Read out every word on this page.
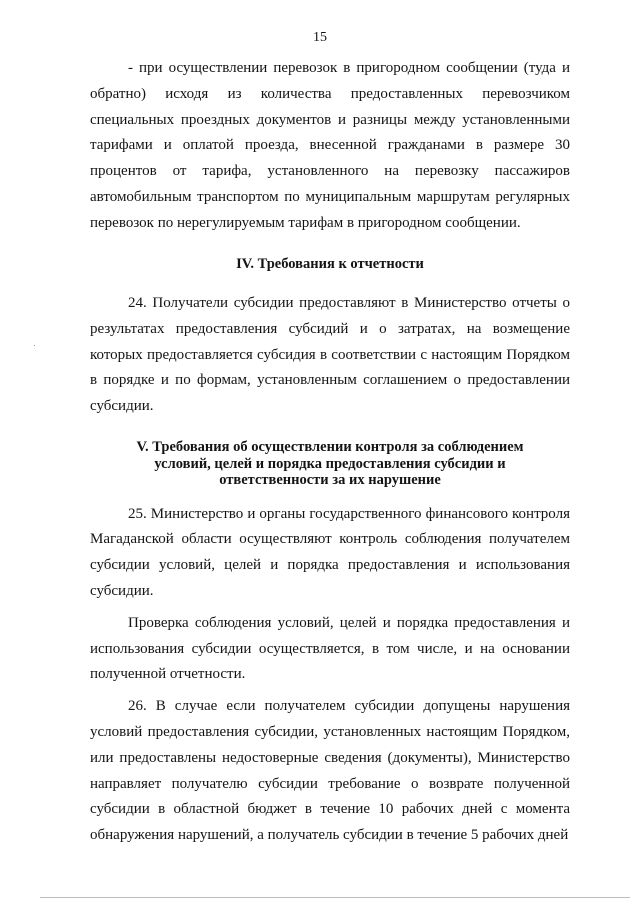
15

- при осуществлении перевозок в пригородном сообщении (туда и обратно) исходя из количества предоставленных перевозчиком специальных проездных документов и разницы между установленными тарифами и оплатой проезда, внесенной гражданами в размере 30 процентов от тарифа, установленного на перевозку пассажиров автомобильным транспортом по муниципальным маршрутам регулярных перевозок по нерегулируемым тарифам в пригородном сообщении.

IV. Требования к отчетности

24. Получатели субсидии предоставляют в Министерство отчеты о результатах предоставления субсидий и о затратах, на возмещение которых предоставляется субсидия в соответствии с настоящим Порядком в порядке и по формам, установленным соглашением о предоставлении субсидии.

V. Требования об осуществлении контроля за соблюдением
условий, целей и порядка предоставления субсидии и
ответственности за их нарушение

25. Министерство и органы государственного финансового контроля Магаданской области осуществляют контроль соблюдения получателем субсидии условий, целей и порядка предоставления и использования субсидии.

Проверка соблюдения условий, целей и порядка предоставления и использования субсидии осуществляется, в том числе, и на основании полученной отчетности.

26. В случае если получателем субсидии допущены нарушения условий предоставления субсидии, установленных настоящим Порядком, или предоставлены недостоверные сведения (документы), Министерство направляет получателю субсидии требование о возврате полученной субсидии в областной бюджет в течение 10 рабочих дней с момента обнаружения нарушений, а получатель субсидии в течение 5 рабочих дней
